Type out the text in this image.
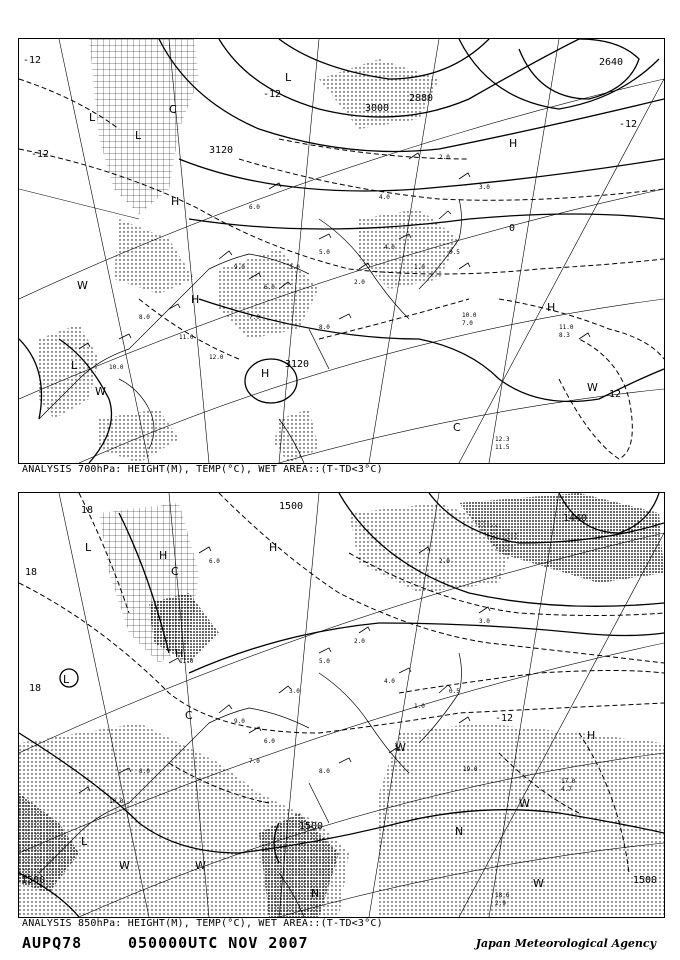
9.0
6.0
3.0
5.0
2.0
4.0
1.0
0.5
11.0
12.0
8.0
10.0
7.0
8.0
2.0
3.0
4.0
6.0
12.3
11.5
10.0
7.0
11.0
8.3
3120
3000
2880
2640
3120
-12
-12
-12
0
12
-12
L
L
L
L
C
H
H
H
H
H
W
W	W
C
ANALYSIS 700hPa: HEIGHT(M), TEMP(°C), WET AREA::(T-TD<3°C)
9.0
6.0
3.0
5.0
2.0
4.0
1.0
0.5
11.0
8.0
10.0
7.0
8.0
2.0
3.0
6.0
18.6
2.9
17.0
4.7
19.0
1500
1500
1500	1500
1440
18
18
18
-12
L
L
L
H
H
H
H
C
C
W
W
W
W
W
N
N
ANALYSIS 850hPa: HEIGHT(M), TEMP(°C), WET AREA::(T-TD<3°C)
AUPQ78	050000UTC NOV 2007	Japan Meteorological Agency
